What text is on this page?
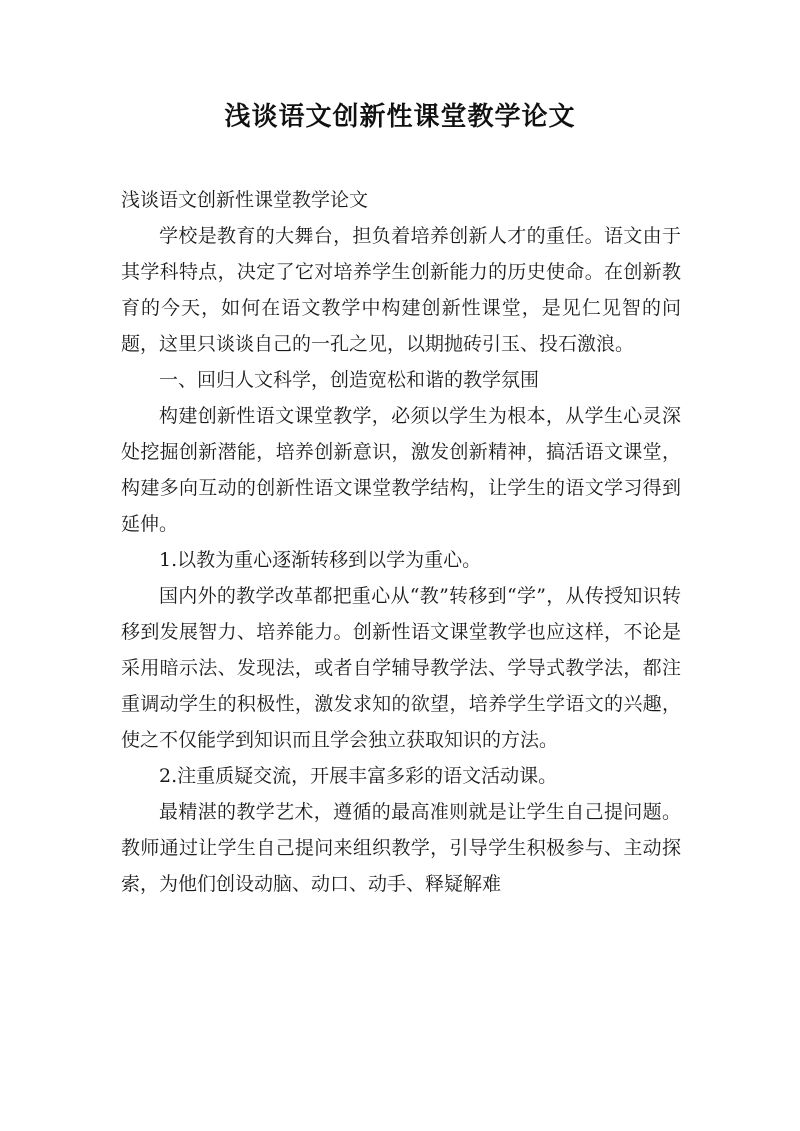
浅谈语文创新性课堂教学论文

浅谈语文创新性课堂教学论文

学校是教育的大舞台，担负着培养创新人才的重任。语文由于其学科特点，决定了它对培养学生创新能力的历史使命。在创新教育的今天，如何在语文教学中构建创新性课堂，是见仁见智的问题，这里只谈谈自己的一孔之见，以期抛砖引玉、投石激浪。

一、回归人文科学，创造宽松和谐的教学氛围

构建创新性语文课堂教学，必须以学生为根本，从学生心灵深处挖掘创新潜能，培养创新意识，激发创新精神，搞活语文课堂，构建多向互动的创新性语文课堂教学结构，让学生的语文学习得到延伸。

1.以教为重心逐渐转移到以学为重心。

国内外的教学改革都把重心从“教”转移到“学”，从传授知识转移到发展智力、培养能力。创新性语文课堂教学也应这样，不论是采用暗示法、发现法，或者自学辅导教学法、学导式教学法，都注重调动学生的积极性，激发求知的欲望，培养学生学语文的兴趣，使之不仅能学到知识而且学会独立获取知识的方法。

2.注重质疑交流，开展丰富多彩的语文活动课。

最精湛的教学艺术，遵循的最高准则就是让学生自己提问题。教师通过让学生自己提问来组织教学，引导学生积极参与、主动探索，为他们创设动脑、动口、动手、释疑解难
